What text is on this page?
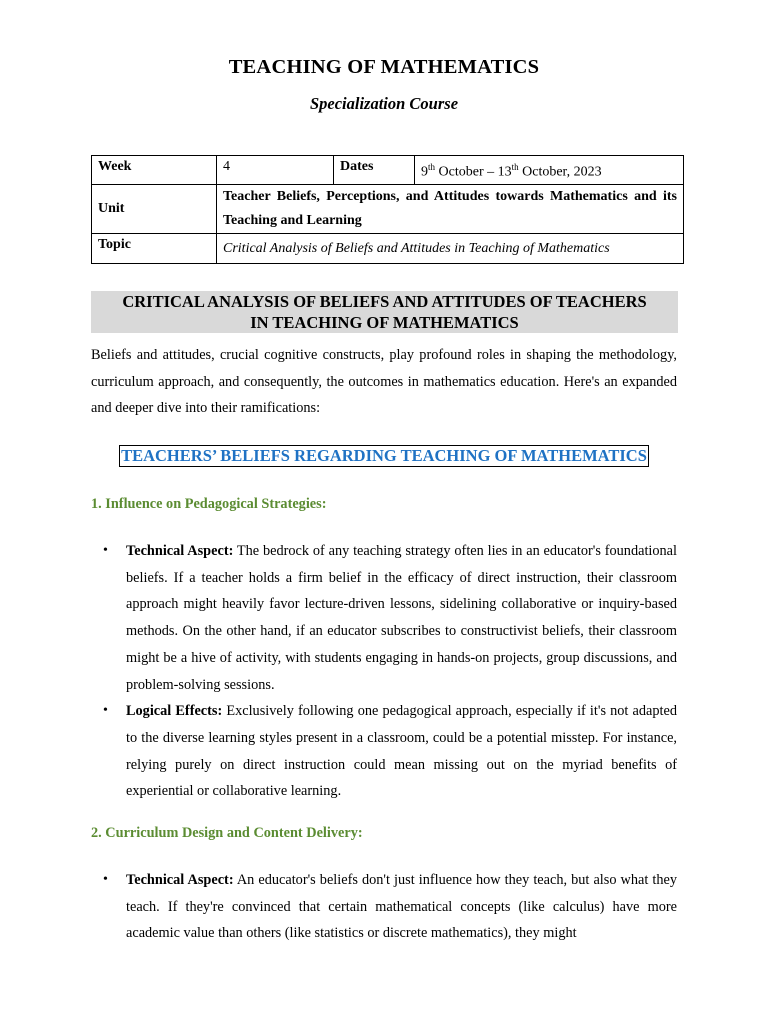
TEACHING OF MATHEMATICS
Specialization Course
Week	4	Dates	9th October – 13th October, 2023
Unit	Teacher Beliefs, Perceptions, and Attitudes towards Mathematics and its Teaching and Learning		
Topic	Critical Analysis of Beliefs and Attitudes in Teaching of Mathematics		
CRITICAL ANALYSIS OF BELIEFS AND ATTITUDES OF TEACHERS
IN TEACHING OF MATHEMATICS
Beliefs and attitudes, crucial cognitive constructs, play profound roles in shaping the methodology, curriculum approach, and consequently, the outcomes in mathematics education. Here's an expanded and deeper dive into their ramifications:
TEACHERS’ BELIEFS REGARDING TEACHING OF MATHEMATICS
1. Influence on Pedagogical Strategies:
• Technical Aspect: The bedrock of any teaching strategy often lies in an educator's foundational beliefs. If a teacher holds a firm belief in the efficacy of direct instruction, their classroom approach might heavily favor lecture-driven lessons, sidelining collaborative or inquiry-based methods. On the other hand, if an educator subscribes to constructivist beliefs, their classroom might be a hive of activity, with students engaging in hands-on projects, group discussions, and problem-solving sessions.
• Logical Effects: Exclusively following one pedagogical approach, especially if it's not adapted to the diverse learning styles present in a classroom, could be a potential misstep. For instance, relying purely on direct instruction could mean missing out on the myriad benefits of experiential or collaborative learning.
2. Curriculum Design and Content Delivery:
• Technical Aspect: An educator's beliefs don't just influence how they teach, but also what they teach. If they're convinced that certain mathematical concepts (like calculus) have more academic value than others (like statistics or discrete mathematics), they might
